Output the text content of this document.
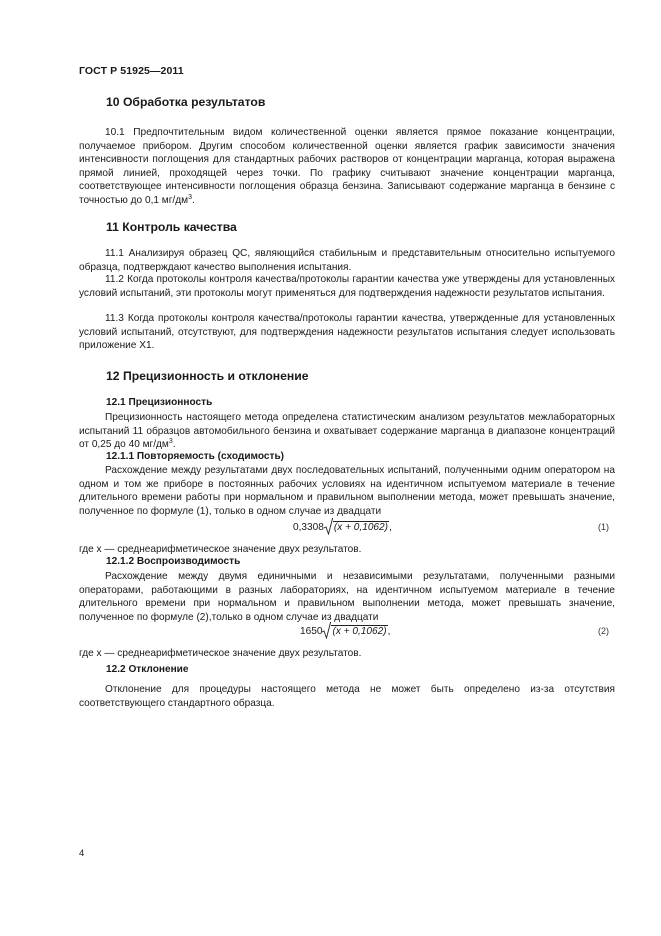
ГОСТ Р 51925—2011
10 Обработка результатов
10.1 Предпочтительным видом количественной оценки является прямое показание концентрации, получаемое прибором. Другим способом количественной оценки является график зависимости значения интенсивности поглощения для стандартных рабочих растворов от концентрации марганца, которая выражена прямой линией, проходящей через точки. По графику считывают значение концентрации марганца, соответствующее интенсивности поглощения образца бензина. Записывают содержание марганца в бензине с точностью до 0,1 $мг/дм^3$.
11 Контроль качества
11.1 Анализируя образец QC, являющийся стабильным и представительным относительно испытуемого образца, подтверждают качество выполнения испытания.
11.2 Когда протоколы контроля качества/протоколы гарантии качества уже утверждены для установленных условий испытаний, эти протоколы могут применяться для подтверждения надежности результатов испытания.
11.3 Когда протоколы контроля качества/протоколы гарантии качества, утвержденные для установленных условий испытаний, отсутствуют, для подтверждения надежности результатов испытания следует использовать приложение Х1.
12 Прецизионность и отклонение
12.1 Прецизионность
Прецизионность настоящего метода определена статистическим анализом результатов межлабораторных испытаний 11 образцов автомобильного бензина и охватывает содержание марганца в диапазоне концентраций от 0,25 до 40 $мг/дм^3$.
12.1.1 Повторяемость (сходимость)
Расхождение между результатами двух последовательных испытаний, полученными одним оператором на одном и том же приборе в постоянных рабочих условиях на идентичном испытуемом материале в течение длительного времени работы при нормальном и правильном выполнении метода, может превышать значение, полученное по формуле (1), только в одном случае из двадцати
0,3308 (x + 0,1062),	(1)
где x — среднеарифметическое значение двух результатов.
12.1.2 Воспроизводимость
Расхождение между двумя единичными и независимыми результатами, полученными разными операторами, работающими в разных лабораториях, на идентичном испытуемом материале в течение длительного времени при нормальном и правильном выполнении метода, может превышать значение, полученное по формуле (2),только в одном случае из двадцати
1650 (x + 0,1062),	(2)
где x — среднеарифметическое значение двух результатов.
12.2 Отклонение
Отклонение для процедуры настоящего метода не может быть определено из-за отсутствия соответствующего стандартного образца.
4
